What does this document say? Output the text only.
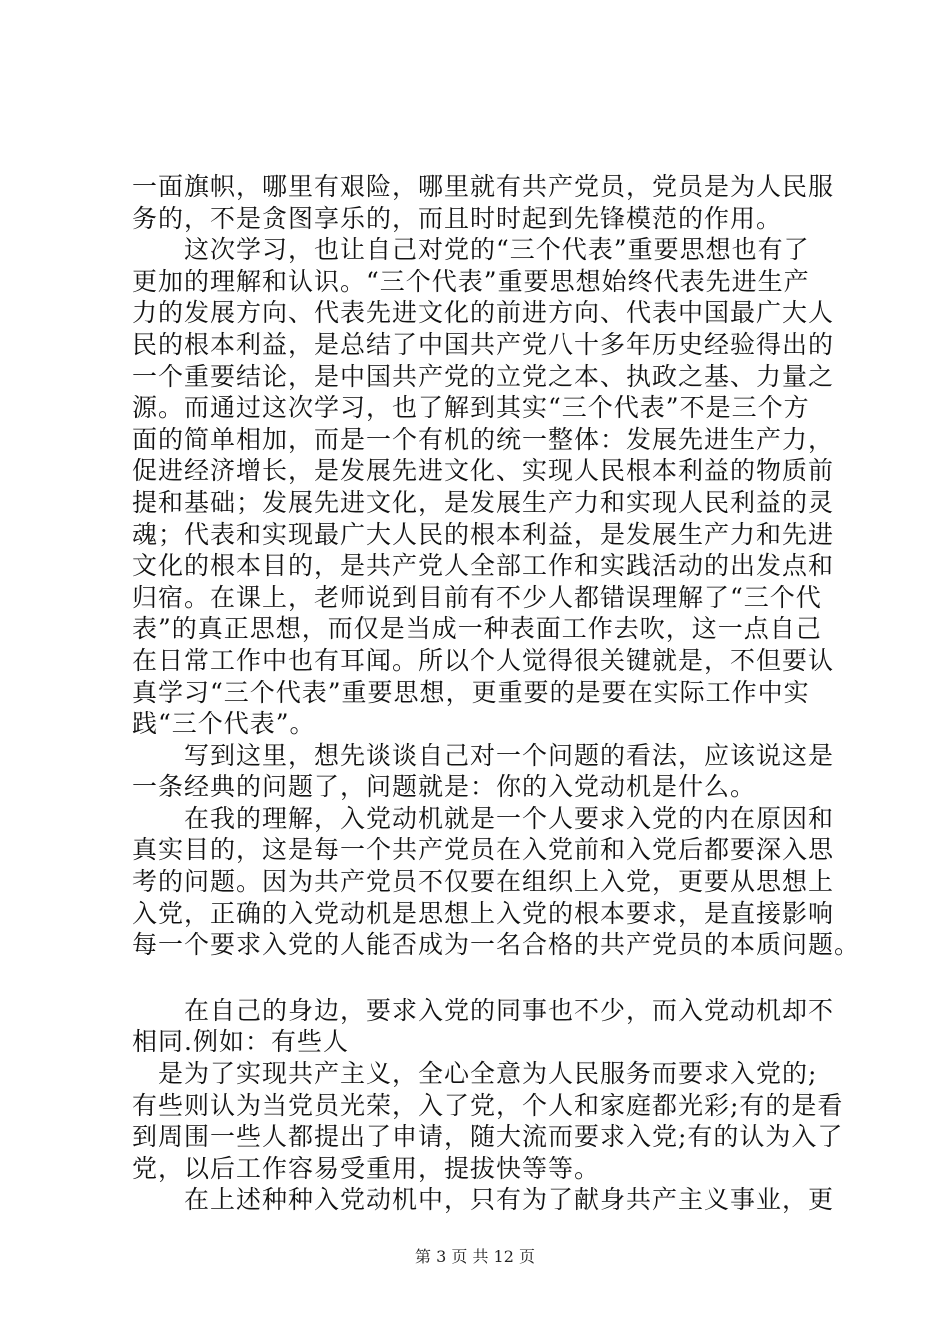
一面旗帜，哪里有艰险，哪里就有共产党员，党员是为人民服
务的，不是贪图享乐的，而且时时起到先锋模范的作用。
　　这次学习，也让自己对党的“三个代表”重要思想也有了
更加的理解和认识。“三个代表”重要思想始终代表先进生产
力的发展方向、代表先进文化的前进方向、代表中国最广大人
民的根本利益，是总结了中国共产党八十多年历史经验得出的
一个重要结论，是中国共产党的立党之本、执政之基、力量之
源。而通过这次学习，也了解到其实“三个代表”不是三个方
面的简单相加，而是一个有机的统一整体：发展先进生产力，
促进经济增长，是发展先进文化、实现人民根本利益的物质前
提和基础；发展先进文化，是发展生产力和实现人民利益的灵
魂；代表和实现最广大人民的根本利益，是发展生产力和先进
文化的根本目的，是共产党人全部工作和实践活动的出发点和
归宿。在课上，老师说到目前有不少人都错误理解了“三个代
表”的真正思想，而仅是当成一种表面工作去吹，这一点自己
在日常工作中也有耳闻。所以个人觉得很关键就是，不但要认
真学习“三个代表”重要思想，更重要的是要在实际工作中实
践“三个代表”。
　　写到这里，想先谈谈自己对一个问题的看法，应该说这是
一条经典的问题了，问题就是：你的入党动机是什么。
　　在我的理解，入党动机就是一个人要求入党的内在原因和
真实目的，这是每一个共产党员在入党前和入党后都要深入思
考的问题。因为共产党员不仅要在组织上入党，更要从思想上
入党，正确的入党动机是思想上入党的根本要求，是直接影响
每一个要求入党的人能否成为一名合格的共产党员的本质问题。
　　在自己的身边，要求入党的同事也不少，而入党动机却不
相同.例如：有些人
　是为了实现共产主义，全心全意为人民服务而要求入党的;
有些则认为当党员光荣，入了党，个人和家庭都光彩;有的是看
到周围一些人都提出了申请，随大流而要求入党;有的认为入了
党，以后工作容易受重用，提拔快等等。
　　在上述种种入党动机中，只有为了献身共产主义事业，更
第 3 页 共 12 页
